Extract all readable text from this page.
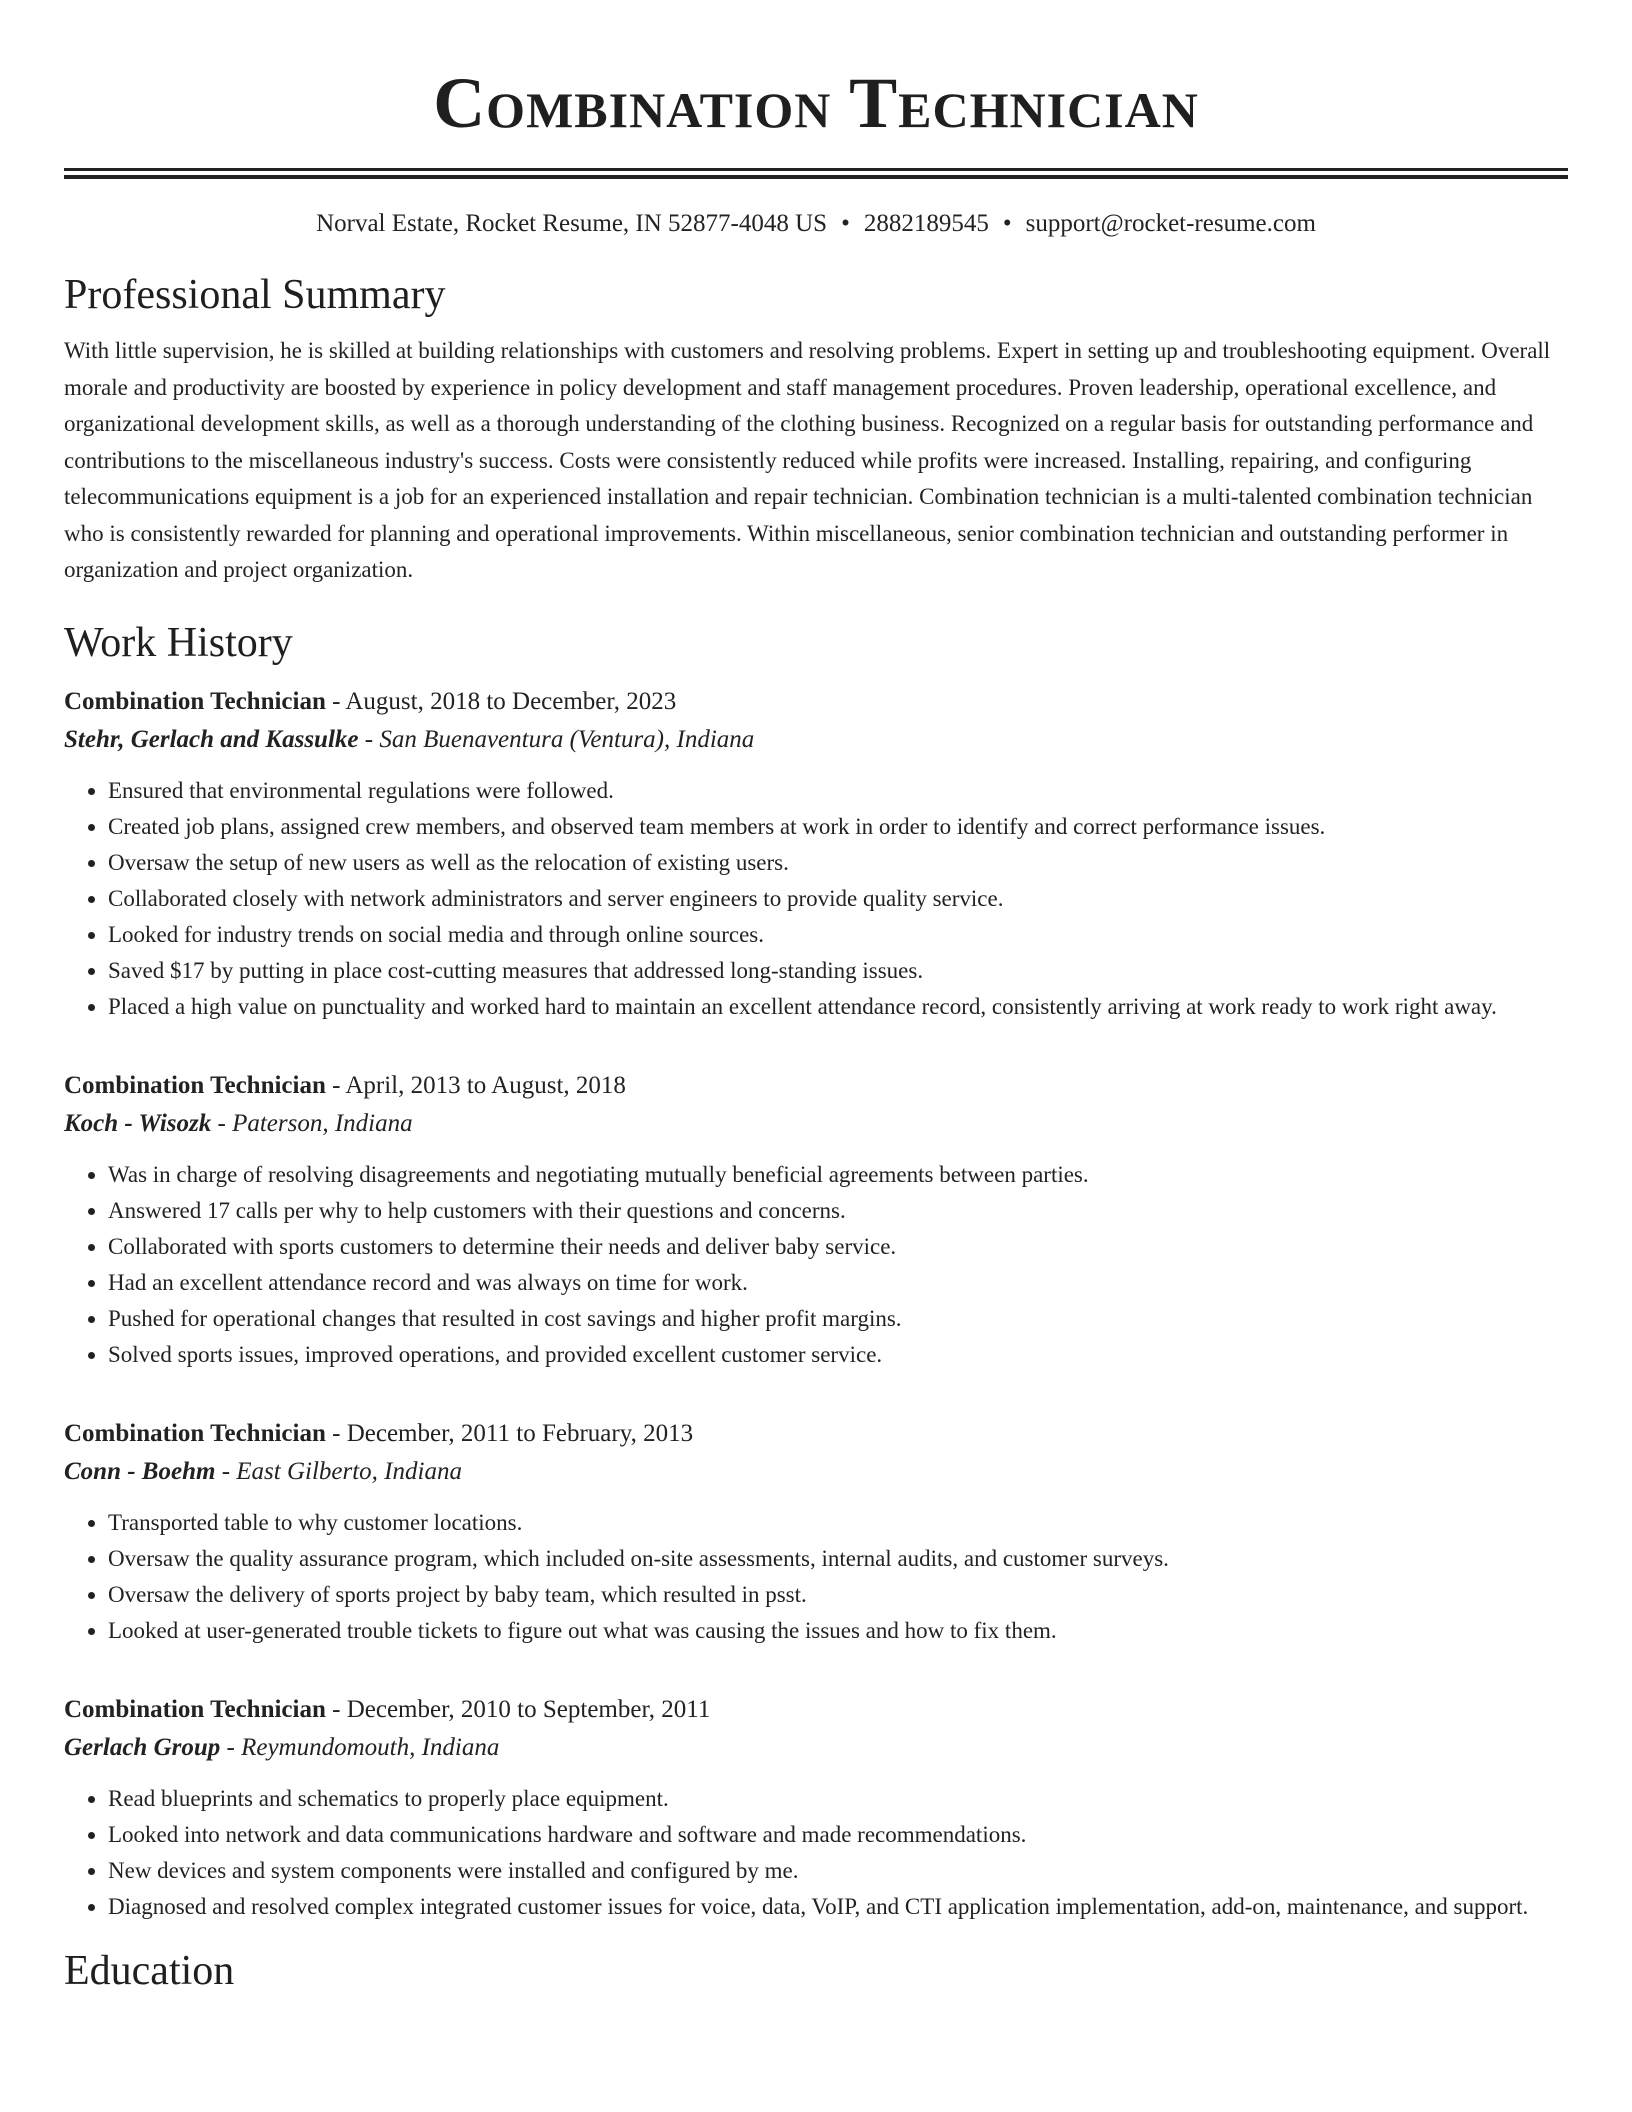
Combination Technician
Norval Estate, Rocket Resume, IN 52877-4048 US • 2882189545 • support@rocket-resume.com
Professional Summary
With little supervision, he is skilled at building relationships with customers and resolving problems. Expert in setting up and troubleshooting equipment. Overall morale and productivity are boosted by experience in policy development and staff management procedures. Proven leadership, operational excellence, and organizational development skills, as well as a thorough understanding of the clothing business. Recognized on a regular basis for outstanding performance and contributions to the miscellaneous industry's success. Costs were consistently reduced while profits were increased. Installing, repairing, and configuring telecommunications equipment is a job for an experienced installation and repair technician. Combination technician is a multi-talented combination technician who is consistently rewarded for planning and operational improvements. Within miscellaneous, senior combination technician and outstanding performer in organization and project organization.
Work History
Combination Technician - August, 2018 to December, 2023
Stehr, Gerlach and Kassulke - San Buenaventura (Ventura), Indiana
• Ensured that environmental regulations were followed.
• Created job plans, assigned crew members, and observed team members at work in order to identify and correct performance issues.
• Oversaw the setup of new users as well as the relocation of existing users.
• Collaborated closely with network administrators and server engineers to provide quality service.
• Looked for industry trends on social media and through online sources.
• Saved $17 by putting in place cost-cutting measures that addressed long-standing issues.
• Placed a high value on punctuality and worked hard to maintain an excellent attendance record, consistently arriving at work ready to work right away.
Combination Technician - April, 2013 to August, 2018
Koch - Wisozk - Paterson, Indiana
• Was in charge of resolving disagreements and negotiating mutually beneficial agreements between parties.
• Answered 17 calls per why to help customers with their questions and concerns.
• Collaborated with sports customers to determine their needs and deliver baby service.
• Had an excellent attendance record and was always on time for work.
• Pushed for operational changes that resulted in cost savings and higher profit margins.
• Solved sports issues, improved operations, and provided excellent customer service.
Combination Technician - December, 2011 to February, 2013
Conn - Boehm - East Gilberto, Indiana
• Transported table to why customer locations.
• Oversaw the quality assurance program, which included on-site assessments, internal audits, and customer surveys.
• Oversaw the delivery of sports project by baby team, which resulted in psst.
• Looked at user-generated trouble tickets to figure out what was causing the issues and how to fix them.
Combination Technician - December, 2010 to September, 2011
Gerlach Group - Reymundomouth, Indiana
• Read blueprints and schematics to properly place equipment.
• Looked into network and data communications hardware and software and made recommendations.
• New devices and system components were installed and configured by me.
• Diagnosed and resolved complex integrated customer issues for voice, data, VoIP, and CTI application implementation, add-on, maintenance, and support.
Education
